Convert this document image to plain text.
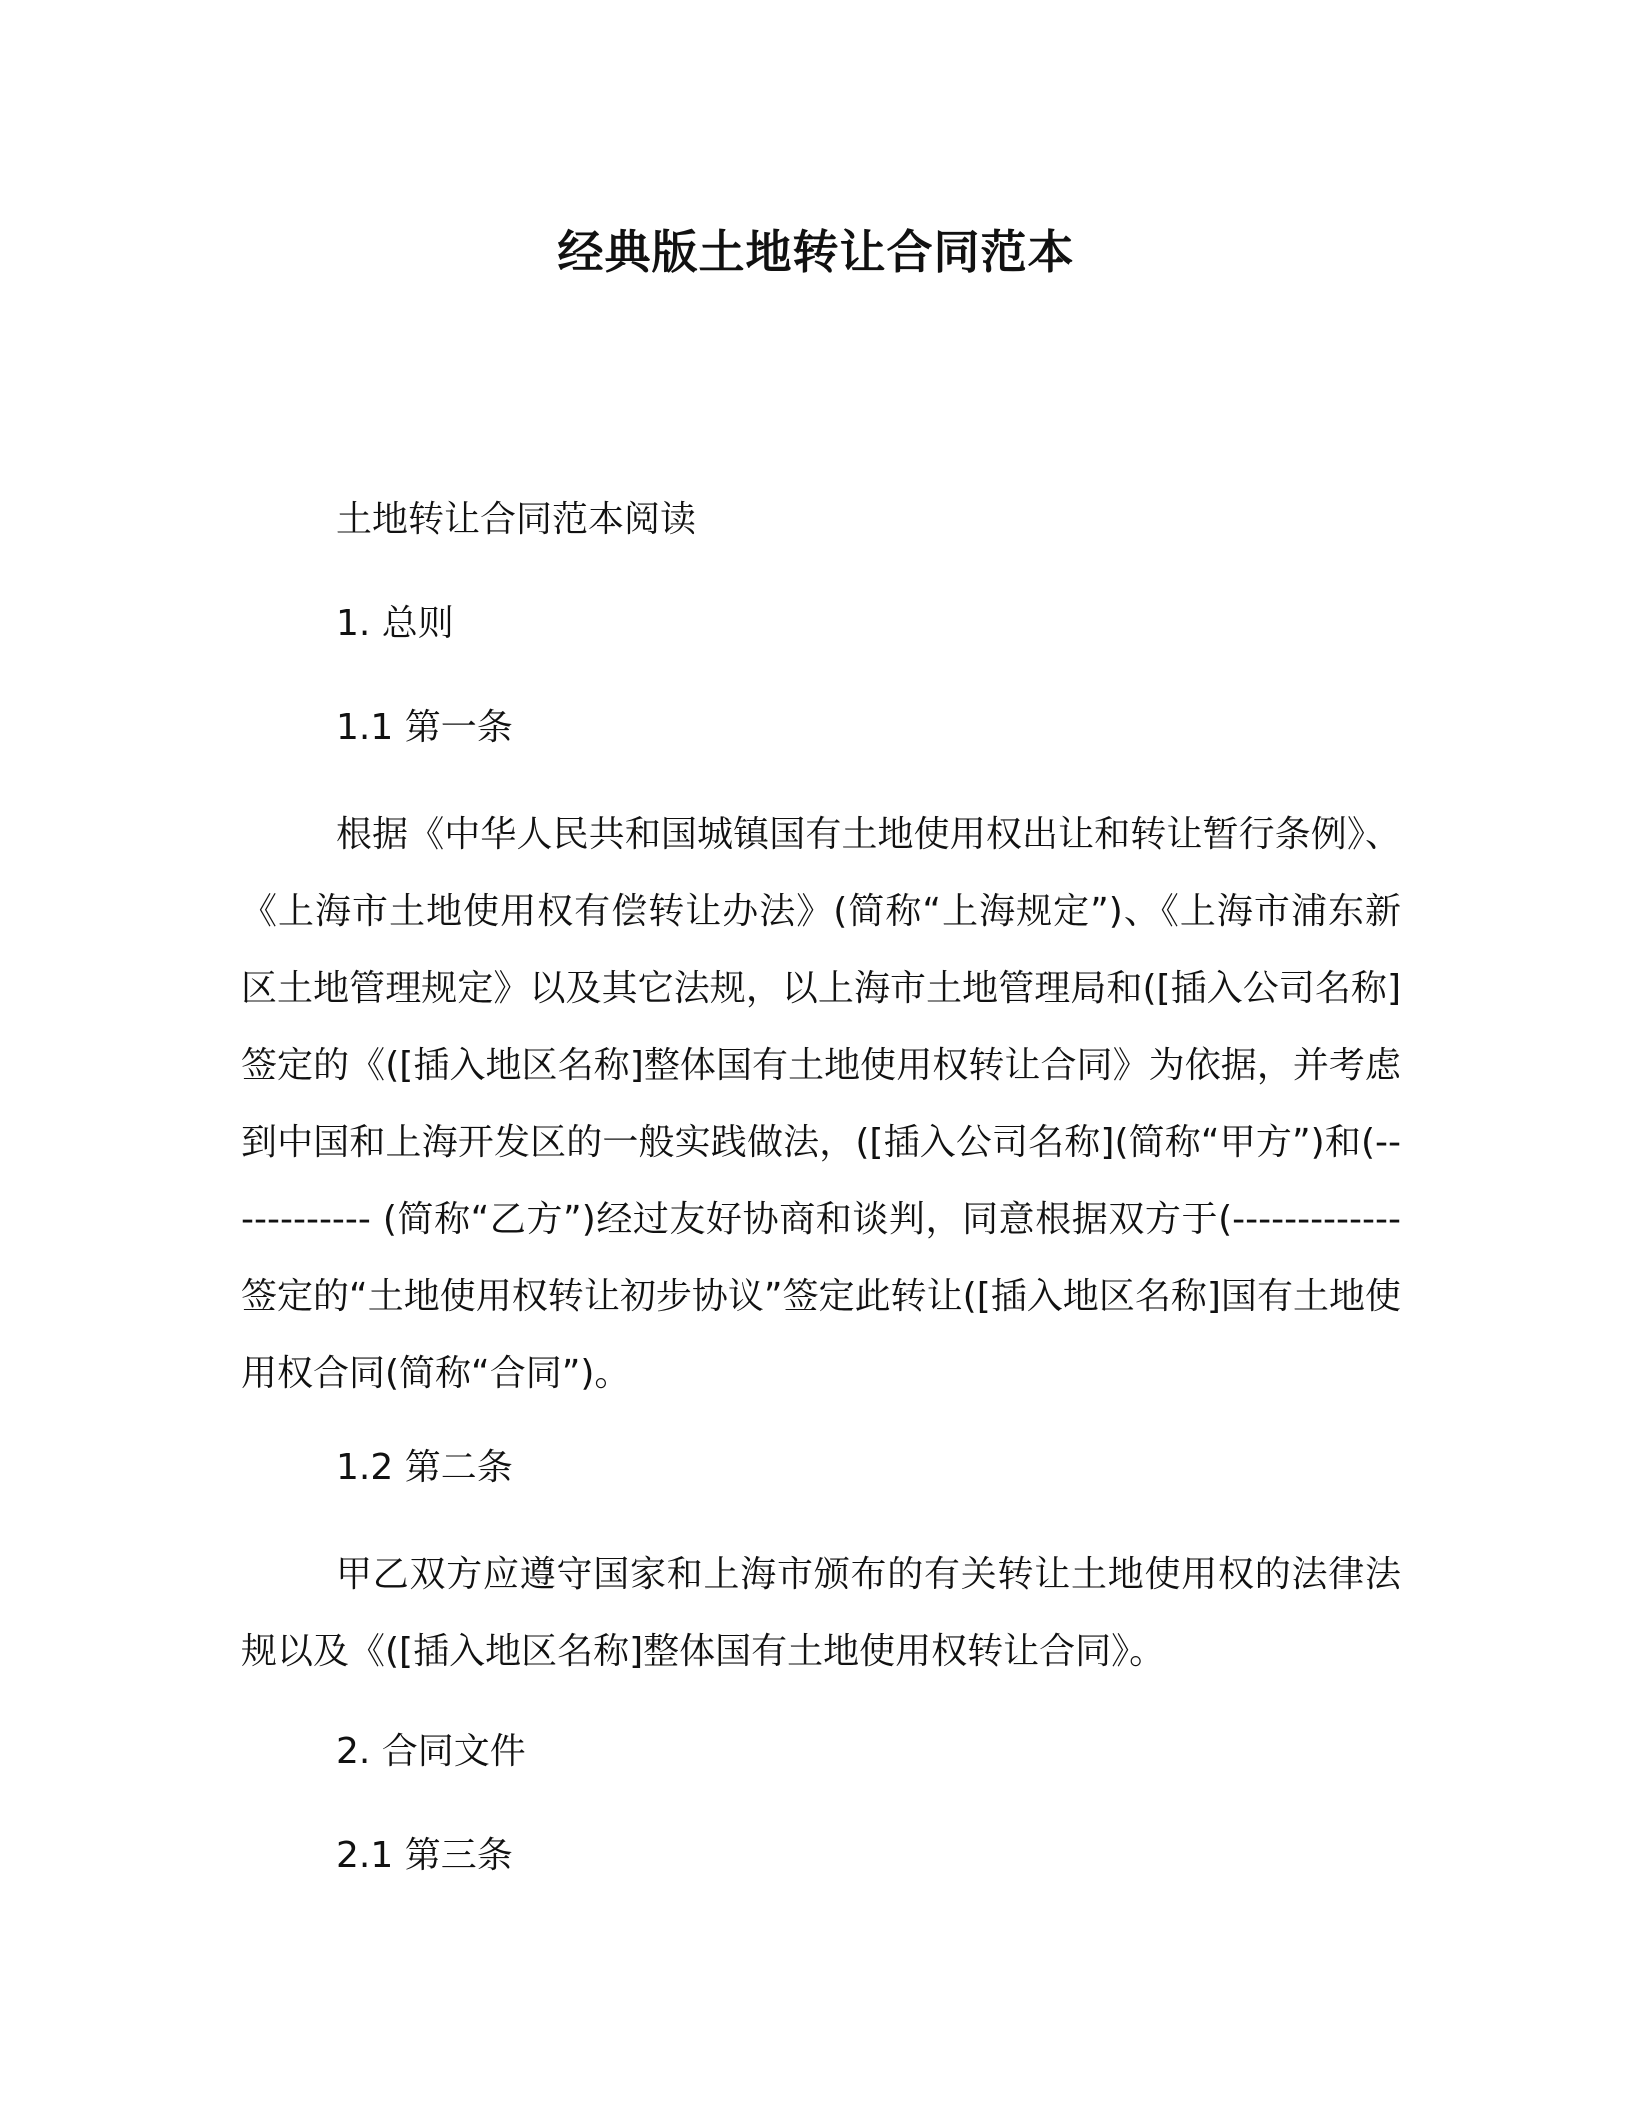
经典版土地转让合同范本

土地转让合同范本阅读

1. 总则

1.1 第一条

根据《中华人民共和国城镇国有土地使用权出让和转让暂行条例》、《上海市土地使用权有偿转让办法》(简称“上海规定”)、《上海市浦东新区土地管理规定》以及其它法规，以上海市土地管理局和([插入公司名称]签定的《([插入地区名称]整体国有土地使用权转让合同》为依据，并考虑到中国和上海开发区的一般实践做法，([插入公司名称](简称“甲方”)和(------------ (简称“乙方”)经过友好协商和谈判，同意根据双方于(-------------签定的“土地使用权转让初步协议”签定此转让([插入地区名称]国有土地使用权合同(简称“合同”)。

1.2 第二条

甲乙双方应遵守国家和上海市颁布的有关转让土地使用权的法律法规以及《([插入地区名称]整体国有土地使用权转让合同》。

2. 合同文件

2.1 第三条
